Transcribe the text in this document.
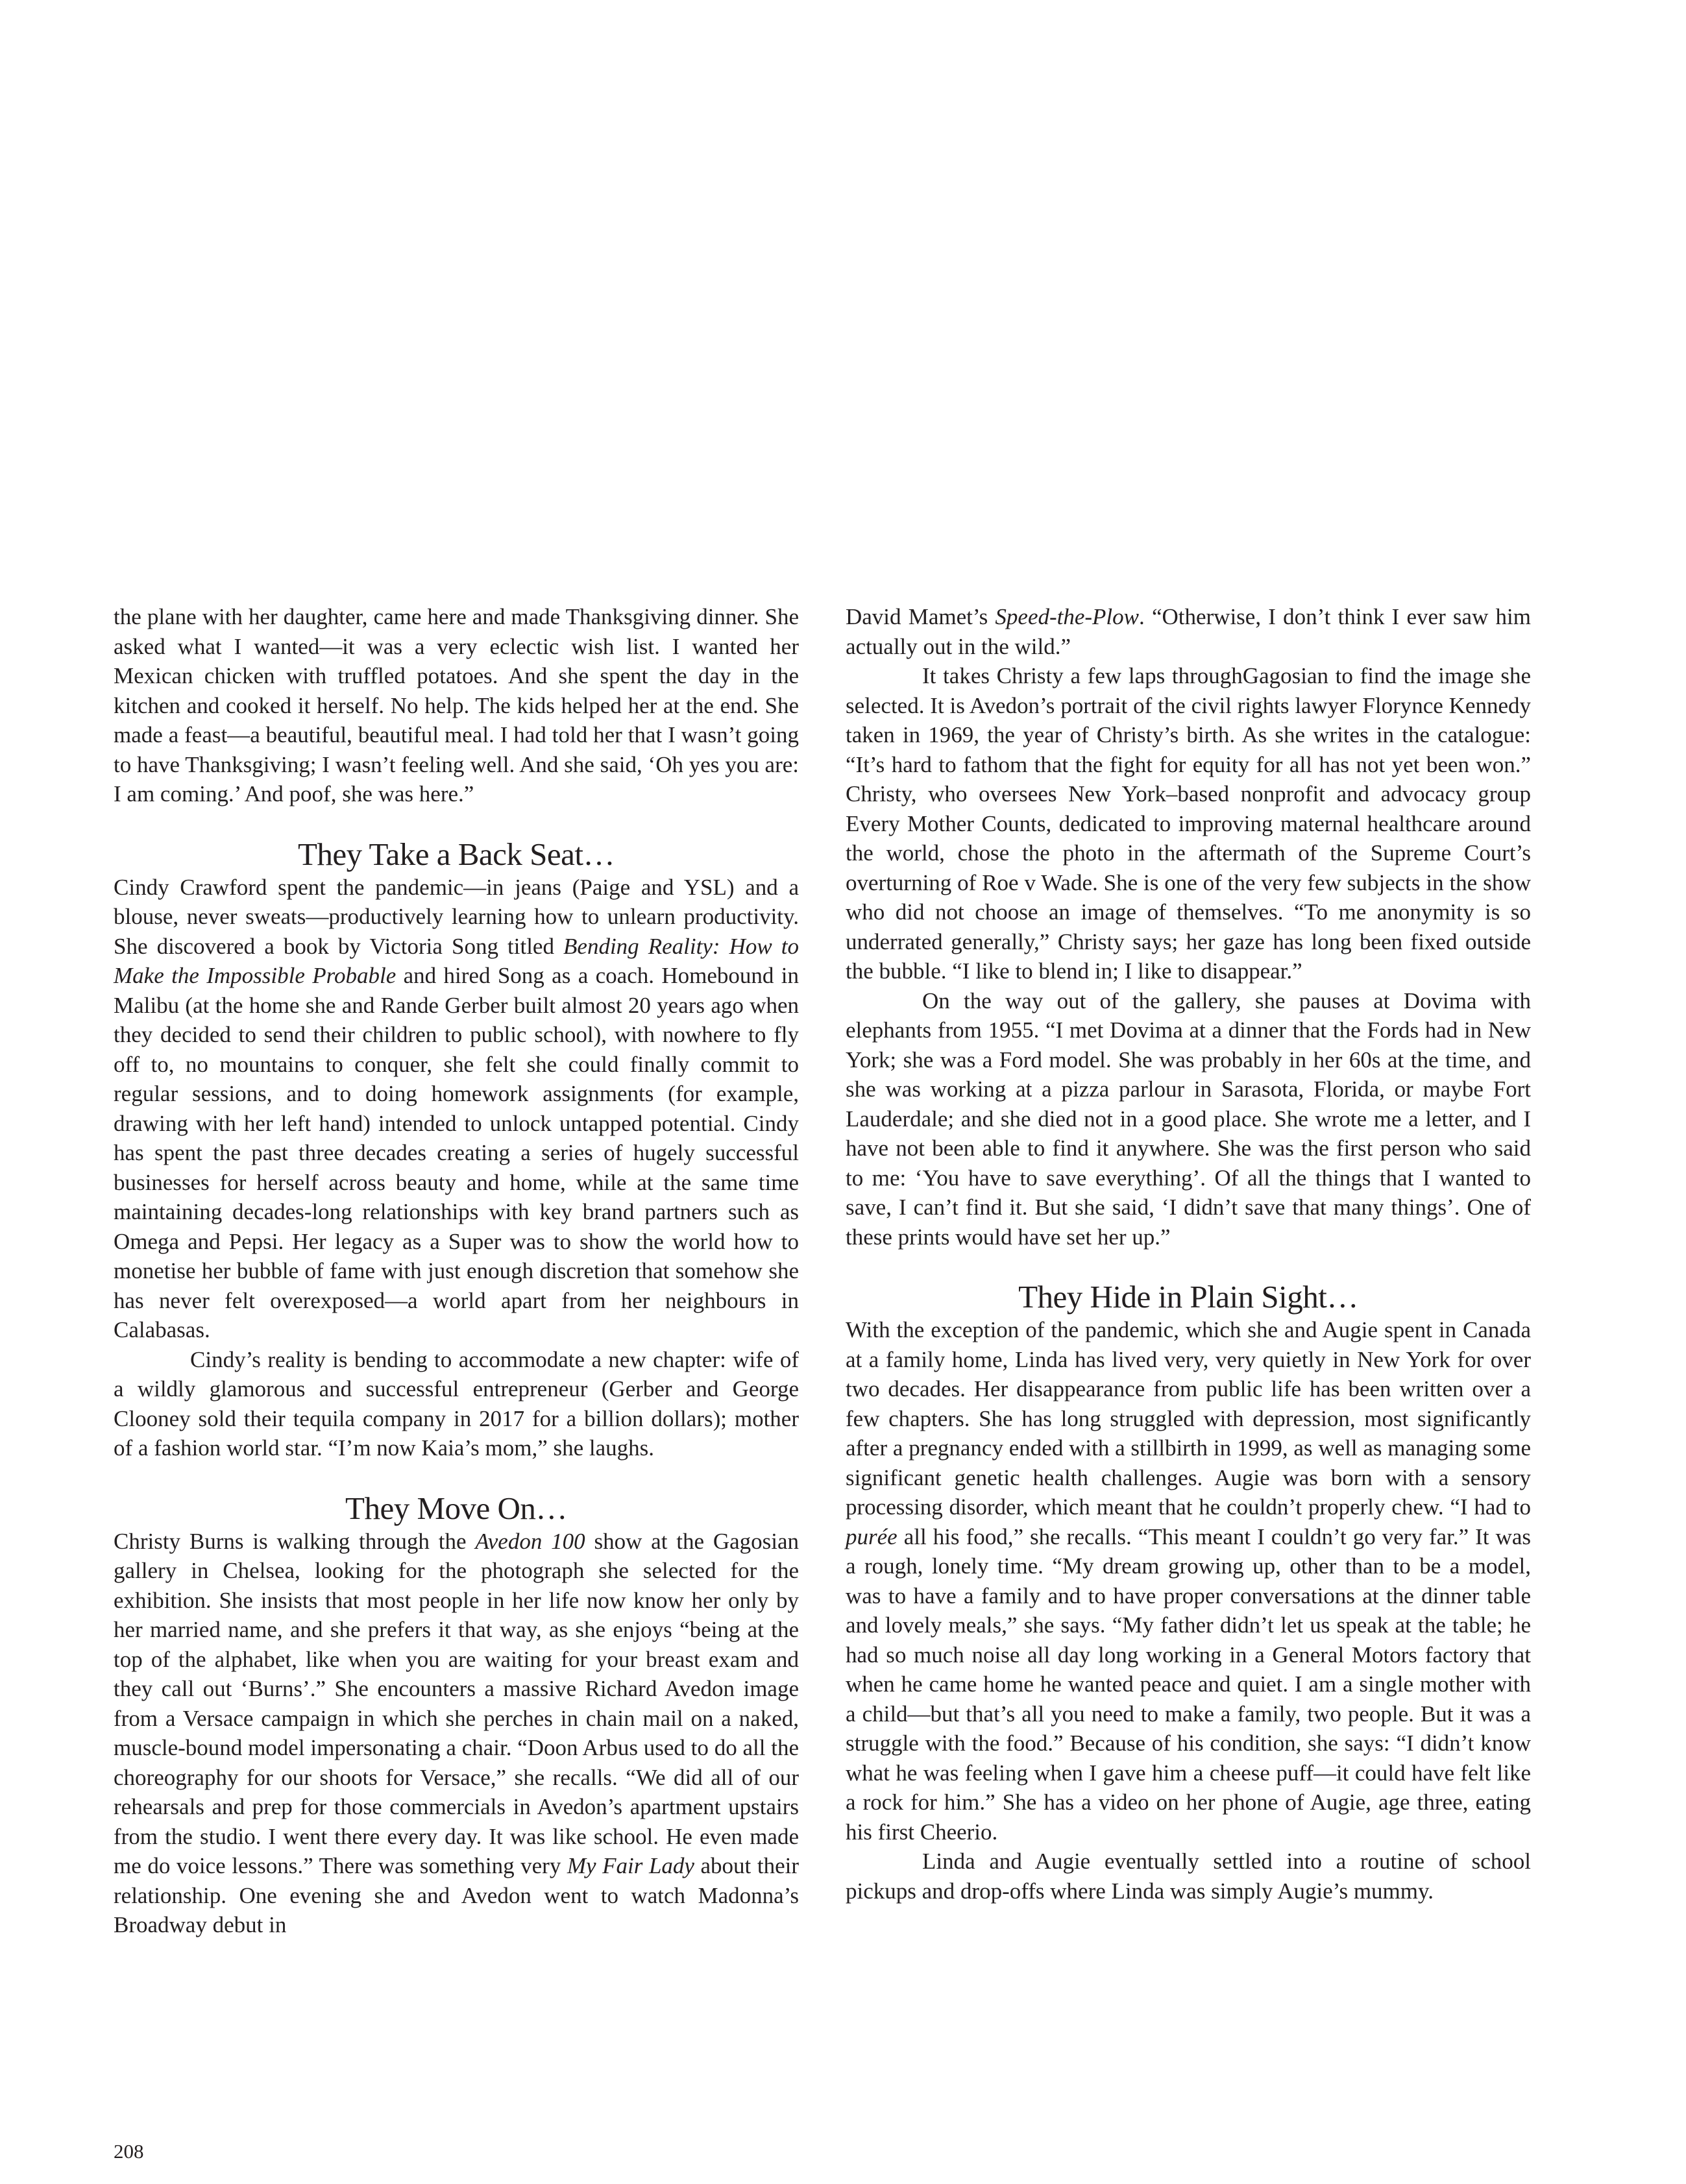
the plane with her daughter, came here and made Thanksgiving dinner. She asked what I wanted—it was a very eclectic wish list. I wanted her Mexican chicken with truffled potatoes. And she spent the day in the kitchen and cooked it herself. No help. The kids helped her at the end. She made a feast—a beautiful, beautiful meal. I had told her that I wasn’t going to have Thanksgiving; I wasn’t feeling well. And she said, ‘Oh yes you are: I am coming.’ And poof, she was here.”

They Take a Back Seat…

Cindy Crawford spent the pandemic—in jeans (Paige and YSL) and a blouse, never sweats—productively learning how to unlearn productivity. She discovered a book by Victoria Song titled Bending Reality: How to Make the Impossible Probable and hired Song as a coach. Homebound in Malibu (at the home she and Rande Gerber built almost 20 years ago when they decided to send their children to public school), with nowhere to fly off to, no mountains to conquer, she felt she could finally commit to regular sessions, and to doing homework assignments (for example, drawing with her left hand) intended to unlock untapped potential. Cindy has spent the past three decades creating a series of hugely successful businesses for herself across beauty and home, while at the same time maintaining decades-long relationships with key brand partners such as Omega and Pepsi. Her legacy as a Super was to show the world how to monetise her bubble of fame with just enough discretion that somehow she has never felt overexposed—a world apart from her neighbours in Calabasas.

Cindy’s reality is bending to accommodate a new chapter: wife of a wildly glamorous and successful entrepreneur (Gerber and George Clooney sold their tequila company in 2017 for a billion dollars); mother of a fashion world star. “I’m now Kaia’s mom,” she laughs.

They Move On…

Christy Burns is walking through the Avedon 100 show at the Gagosian gallery in Chelsea, looking for the photograph she selected for the exhibition. She insists that most people in her life now know her only by her married name, and she prefers it that way, as she enjoys “being at the top of the alphabet, like when you are waiting for your breast exam and they call out ‘Burns’.” She encounters a massive Richard Avedon image from a Versace campaign in which she perches in chain mail on a naked, muscle-bound model impersonating a chair. “Doon Arbus used to do all the choreography for our shoots for Versace,” she recalls. “We did all of our rehearsals and prep for those commercials in Avedon’s apartment upstairs from the studio. I went there every day. It was like school. He even made me do voice lessons.” There was something very My Fair Lady about their relationship. One evening she and Avedon went to watch Madonna’s Broadway debut in

David Mamet’s Speed-the-Plow. “Otherwise, I don’t think I ever saw him actually out in the wild.”

It takes Christy a few laps throughGagosian to find the image she selected. It is Avedon’s portrait of the civil rights lawyer Florynce Kennedy taken in 1969, the year of Christy’s birth. As she writes in the catalogue: “It’s hard to fathom that the fight for equity for all has not yet been won.” Christy, who oversees New York–based nonprofit and advocacy group Every Mother Counts, dedicated to improving maternal healthcare around the world, chose the photo in the aftermath of the Supreme Court’s overturning of Roe v Wade. She is one of the very few subjects in the show who did not choose an image of themselves. “To me anonymity is so underrated generally,” Christy says; her gaze has long been fixed outside the bubble. “I like to blend in; I like to disappear.”

On the way out of the gallery, she pauses at Dovima with elephants from 1955. “I met Dovima at a dinner that the Fords had in New York; she was a Ford model. She was probably in her 60s at the time, and she was working at a pizza parlour in Sarasota, Florida, or maybe Fort Lauderdale; and she died not in a good place. She wrote me a letter, and I have not been able to find it anywhere. She was the first person who said to me: ‘You have to save everything’. Of all the things that I wanted to save, I can’t find it. But she said, ‘I didn’t save that many things’. One of these prints would have set her up.”

They Hide in Plain Sight…

With the exception of the pandemic, which she and Augie spent in Canada at a family home, Linda has lived very, very quietly in New York for over two decades. Her disappearance from public life has been written over a few chapters. She has long struggled with depression, most significantly after a pregnancy ended with a stillbirth in 1999, as well as managing some significant genetic health challenges. Augie was born with a sensory processing disorder, which meant that he couldn’t properly chew. “I had to purée all his food,” she recalls. “This meant I couldn’t go very far.” It was a rough, lonely time. “My dream growing up, other than to be a model, was to have a family and to have proper conversations at the dinner table and lovely meals,” she says. “My father didn’t let us speak at the table; he had so much noise all day long working in a General Motors factory that when he came home he wanted peace and quiet. I am a single mother with a child—but that’s all you need to make a family, two people. But it was a struggle with the food.” Because of his condition, she says: “I didn’t know what he was feeling when I gave him a cheese puff—it could have felt like a rock for him.” She has a video on her phone of Augie, age three, eating his first Cheerio.

Linda and Augie eventually settled into a routine of school pickups and drop-offs where Linda was simply Augie’s mummy.

208
